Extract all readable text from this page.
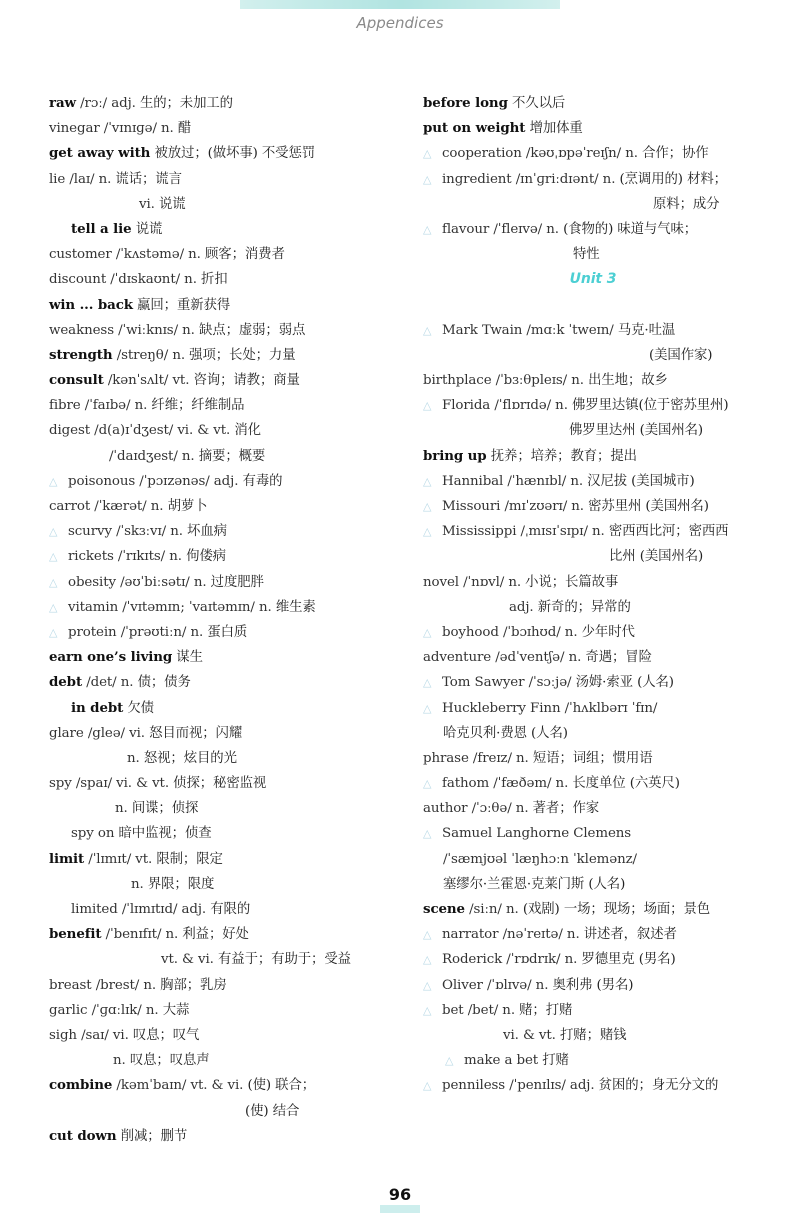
Appendices
raw /rɔː/ adj. 生的；未加工的
vinegar /ˈvɪnɪɡə/ n. 醋
get away with 被放过；(做坏事) 不受惩罚
lie /laɪ/ n. 谎话；谎言
vi. 说谎
tell a lie 说谎
customer /ˈkʌstəmə/ n. 顾客；消费者
discount /ˈdɪskaʊnt/ n. 折扣
win ... back 赢回；重新获得
weakness /ˈwiːknɪs/ n. 缺点；虚弱；弱点
strength /streŋθ/ n. 强项；长处；力量
consult /kənˈsʌlt/ vt. 咨询；请教；商量
fibre /ˈfaɪbə/ n. 纤维；纤维制品
digest /d(a)ɪˈdʒest/ vi. & vt. 消化
/ˈdaɪdʒest/ n. 摘要；概要
△ poisonous /ˈpɔɪzənəs/ adj. 有毒的
carrot /ˈkærət/ n. 胡萝卜
△ scurvy /ˈskɜːvɪ/ n. 坏血病
△ rickets /ˈrɪkɪts/ n. 佝偻病
△ obesity /əʊˈbiːsətɪ/ n. 过度肥胖
△ vitamin /ˈvɪtəmɪn; ˈvaɪtəmɪn/ n. 维生素
△ protein /ˈprəʊtiːn/ n. 蛋白质
earn one’s living 谋生
debt /det/ n. 债；债务
in debt 欠债
glare /gleə/ vi. 怒目而视；闪耀
n. 怒视；炫目的光
spy /spaɪ/ vi. & vt. 侦探；秘密监视
n. 间谍；侦探
spy on 暗中监视；侦查
limit /ˈlɪmɪt/ vt. 限制；限定
n. 界限；限度
limited /ˈlɪmɪtɪd/ adj. 有限的
benefit /ˈbenɪfɪt/ n. 利益；好处
vt. & vi. 有益于；有助于；受益
breast /brest/ n. 胸部；乳房
garlic /ˈɡɑːlɪk/ n. 大蒜
sigh /saɪ/ vi. 叹息；叹气
n. 叹息；叹息声
combine /kəmˈbaɪn/ vt. & vi. (使) 联合；
(使) 结合
cut down 削减；删节
before long 不久以后
put on weight 增加体重
△ cooperation /kəʊˌɒpəˈreɪʃn/ n. 合作；协作
△ ingredient /ɪnˈɡriːdɪənt/ n. (烹调用的) 材料；
原料；成分
△ flavour /ˈfleɪvə/ n. (食物的) 味道与气味；
特性
Unit 3
△ Mark Twain /mɑːk ˈtweɪn/ 马克·吐温
(美国作家)
birthplace /ˈbɜːθpleɪs/ n. 出生地；故乡
△ Florida /ˈflɒrɪdə/ n. 佛罗里达镇(位于密苏里州)
佛罗里达州 (美国州名)
bring up 抚养；培养；教育；提出
△ Hannibal /ˈhænɪbl/ n. 汉尼拔 (美国城市)
△ Missouri /mɪˈzʊərɪ/ n. 密苏里州 (美国州名)
△ Mississippi /ˌmɪsɪˈsɪpɪ/ n. 密西西比河；密西西
比州 (美国州名)
novel /ˈnɒvl/ n. 小说；长篇故事
adj. 新奇的；异常的
△ boyhood /ˈbɔɪhʊd/ n. 少年时代
adventure /ədˈventʃə/ n. 奇遇；冒险
△ Tom Sawyer /ˈsɔːjə/ 汤姆·索亚 (人名)
△ Huckleberry Finn /ˈhʌklbərɪ ˈfɪn/
哈克贝利·费恩 (人名)
phrase /freɪz/ n. 短语；词组；惯用语
△ fathom /ˈfæðəm/ n. 长度单位 (六英尺)
author /ˈɔːθə/ n. 著者；作家
△ Samuel Langhorne Clemens
/ˈsæmjʊəl ˈlæŋhɔːn ˈklemənz/
塞缪尔·兰霍恩·克莱门斯 (人名)
scene /siːn/ n. (戏剧) 一场；现场；场面；景色
△ narrator /nəˈreɪtə/ n. 讲述者，叙述者
△ Roderick /ˈrɒdrɪk/ n. 罗德里克 (男名)
△ Oliver /ˈɒlɪvə/ n. 奥利弗 (男名)
△ bet /bet/ n. 赌；打赌
vi. & vt. 打赌；赌钱
△ make a bet 打赌
△ penniless /ˈpenɪlɪs/ adj. 贫困的；身无分文的
96
